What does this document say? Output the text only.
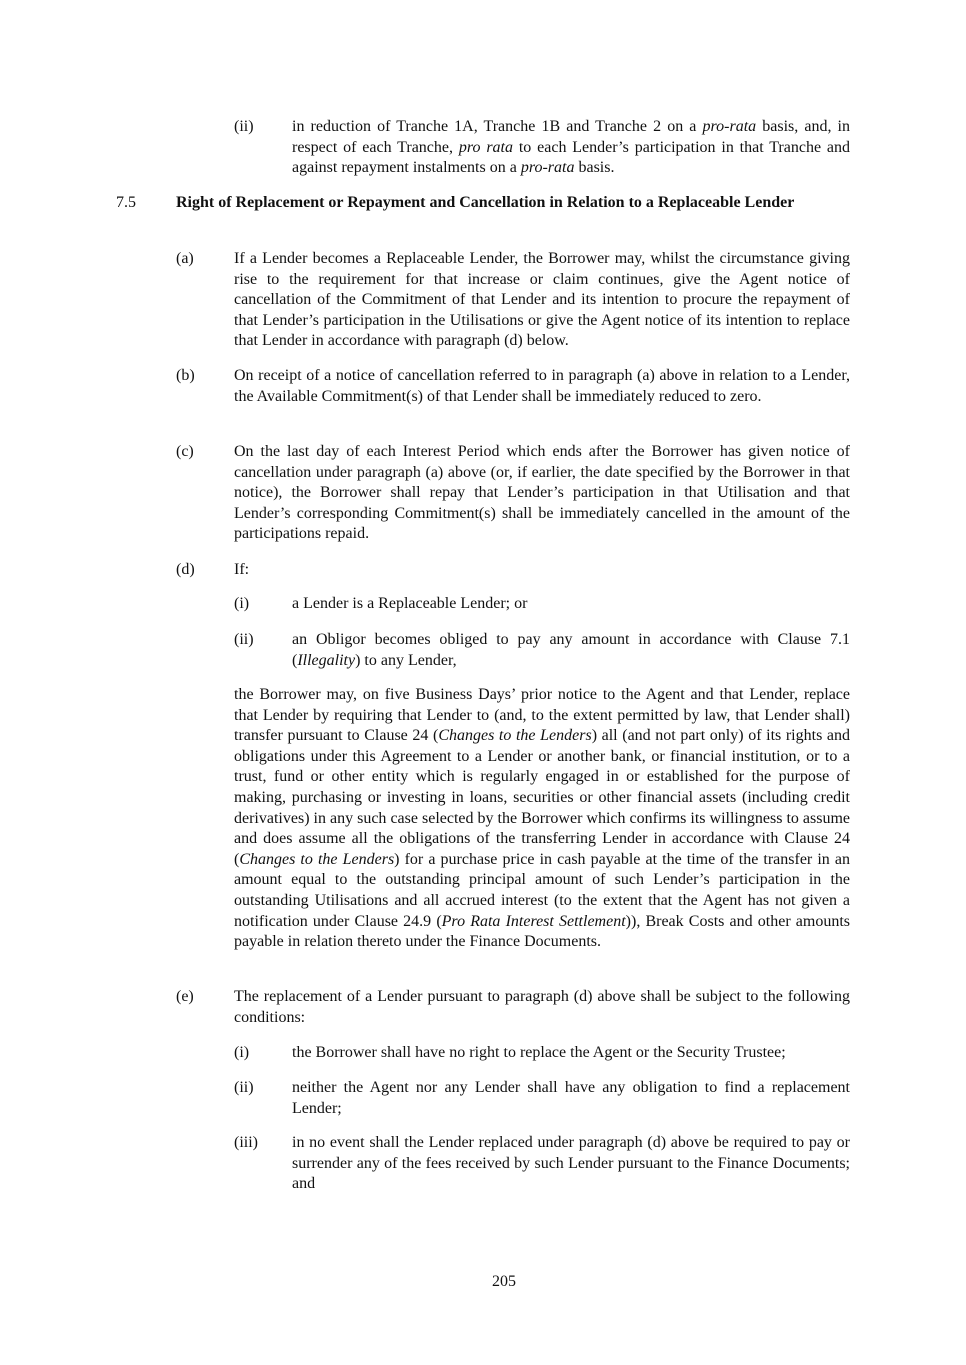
(ii) in reduction of Tranche 1A, Tranche 1B and Tranche 2 on a pro-rata basis, and, in respect of each Tranche, pro rata to each Lender’s participation in that Tranche and against repayment instalments on a pro-rata basis.
7.5	Right of Replacement or Repayment and Cancellation in Relation to a Replaceable Lender
(a)	If a Lender becomes a Replaceable Lender, the Borrower may, whilst the circumstance giving rise to the requirement for that increase or claim continues, give the Agent notice of cancellation of the Commitment of that Lender and its intention to procure the repayment of that Lender’s participation in the Utilisations or give the Agent notice of its intention to replace that Lender in accordance with paragraph (d) below.
(b) On receipt of a notice of cancellation referred to in paragraph (a) above in relation to a Lender, the Available Commitment(s) of that Lender shall be immediately reduced to zero.
(c)	On the last day of each Interest Period which ends after the Borrower has given notice of cancellation under paragraph (a) above (or, if earlier, the date specified by the Borrower in that notice), the Borrower shall repay that Lender’s participation in that Utilisation and that Lender’s corresponding Commitment(s) shall be immediately cancelled in the amount of the participations repaid.
(d) If:
(i)	a Lender is a Replaceable Lender; or
(ii) an Obligor becomes obliged to pay any amount in accordance with Clause 7.1 (Illegality) to any Lender,
the Borrower may, on five Business Days’ prior notice to the Agent and that Lender, replace that Lender by requiring that Lender to (and, to the extent permitted by law, that Lender shall) transfer pursuant to Clause 24 (Changes to the Lenders) all (and not part only) of its rights and obligations under this Agreement to a Lender or another bank, or financial institution, or to a trust, fund or other entity which is regularly engaged in or established for the purpose of making, purchasing or investing in loans, securities or other financial assets (including credit derivatives) in any such case selected by the Borrower which confirms its willingness to assume and does assume all the obligations of the transferring Lender in accordance with Clause 24 (Changes to the Lenders) for a purchase price in cash payable at the time of the transfer in an amount equal to the outstanding principal amount of such Lender’s participation in the outstanding Utilisations and all accrued interest (to the extent that the Agent has not given a notification under Clause 24.9 (Pro Rata Interest Settlement)), Break Costs and other amounts payable in relation thereto under the Finance Documents.
(e)	The replacement of a Lender pursuant to paragraph (d) above shall be subject to the following conditions:
(i)	the Borrower shall have no right to replace the Agent or the Security Trustee;
(ii) neither the Agent nor any Lender shall have any obligation to find a replacement Lender;
(iii) in no event shall the Lender replaced under paragraph (d) above be required to pay or surrender any of the fees received by such Lender pursuant to the Finance Documents; and
205
